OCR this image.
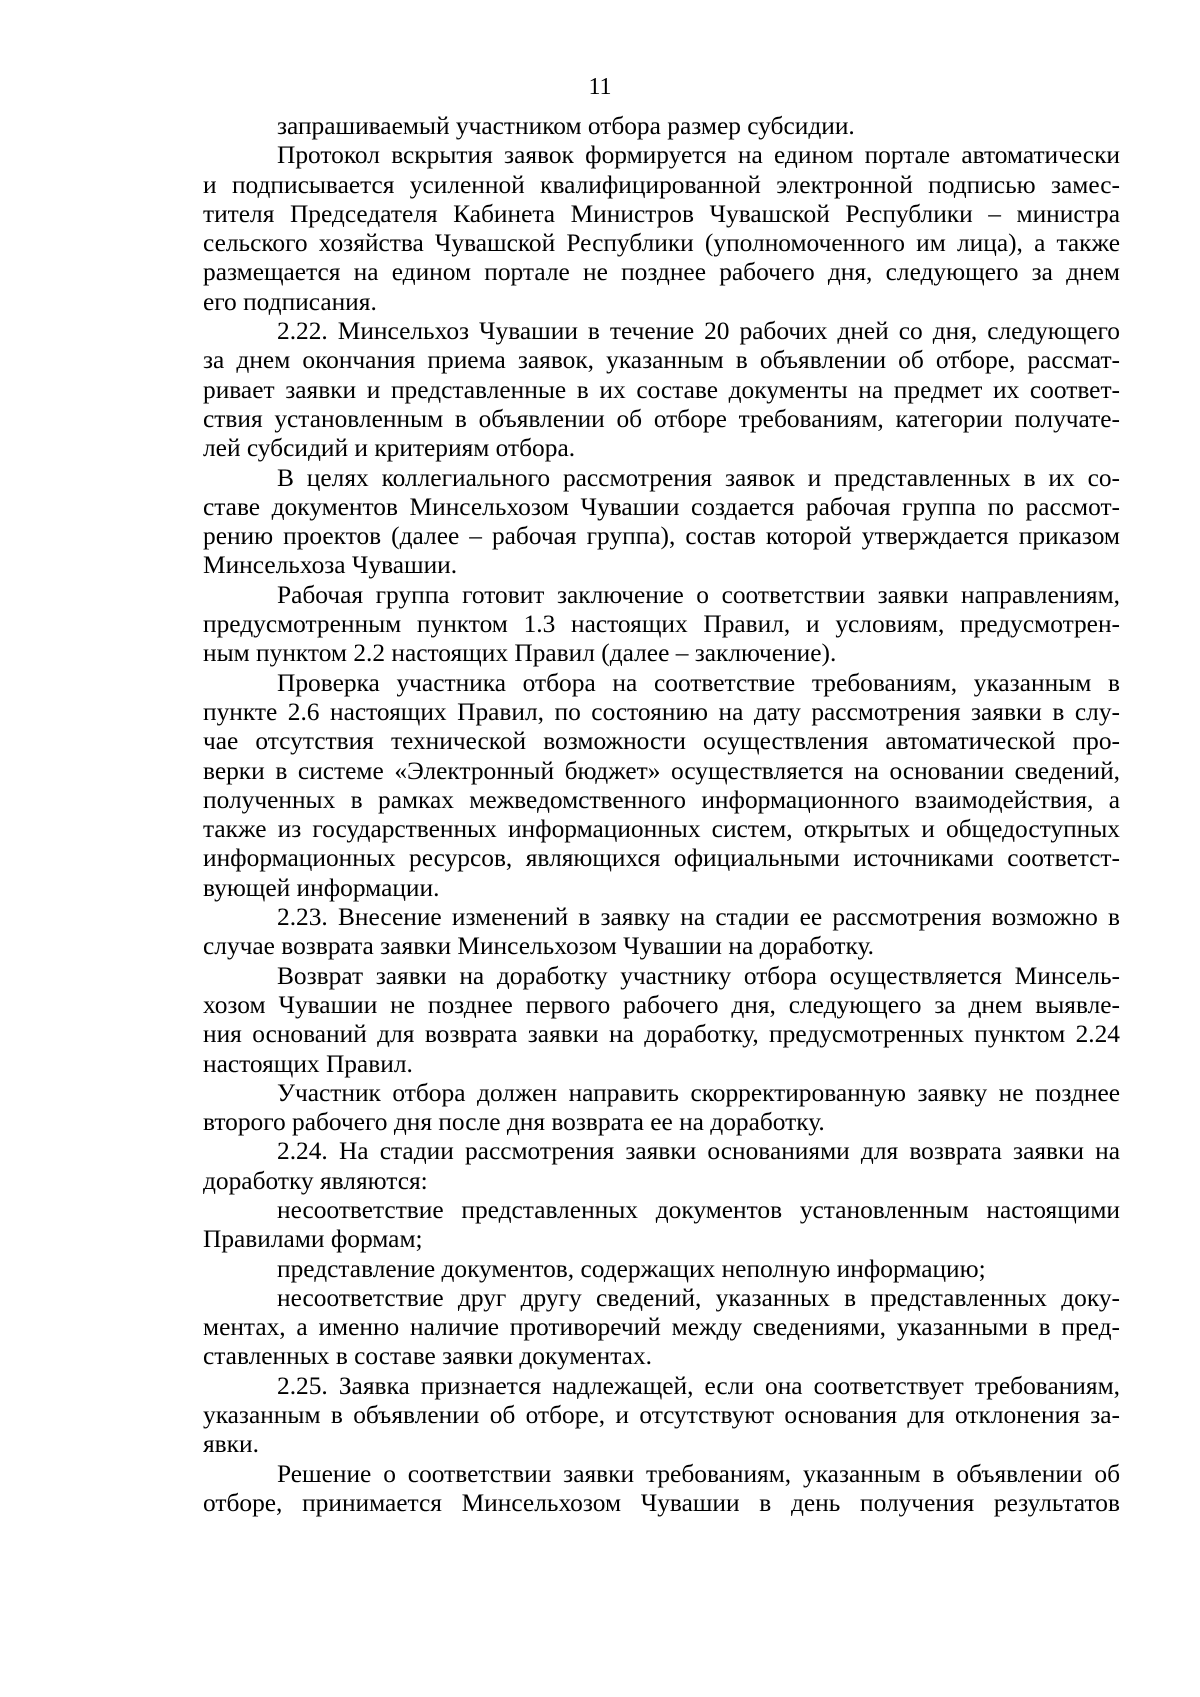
11
запрашиваемый участником отбора размер субсидии.
Протокол вскрытия заявок формируется на едином портале автоматически
и подписывается усиленной квалифицированной электронной подписью замес-
тителя Председателя Кабинета Министров Чувашской Республики – министра
сельского хозяйства Чувашской Республики (уполномоченного им лица), а также
размещается на едином портале не позднее рабочего дня, следующего за днем
его подписания.
2.22. Минсельхоз Чувашии в течение 20 рабочих дней со дня, следующего
за днем окончания приема заявок, указанным в объявлении об отборе, рассмат-
ривает заявки и представленные в их составе документы на предмет их соответ-
ствия установленным в объявлении об отборе требованиям, категории получате-
лей субсидий и критериям отбора.
В целях коллегиального рассмотрения заявок и представленных в их со-
ставе документов Минсельхозом Чувашии создается рабочая группа по рассмот-
рению проектов (далее – рабочая группа), состав которой утверждается приказом
Минсельхоза Чувашии.
Рабочая группа готовит заключение о соответствии заявки направлениям,
предусмотренным пунктом 1.3 настоящих Правил, и условиям, предусмотрен-
ным пунктом 2.2 настоящих Правил (далее – заключение).
Проверка участника отбора на соответствие требованиям, указанным в
пункте 2.6 настоящих Правил, по состоянию на дату рассмотрения заявки в слу-
чае отсутствия технической возможности осуществления автоматической про-
верки в системе «Электронный бюджет» осуществляется на основании сведений,
полученных в рамках межведомственного информационного взаимодействия, а
также из государственных информационных систем, открытых и общедоступных
информационных ресурсов, являющихся официальными источниками соответст-
вующей информации.
2.23. Внесение изменений в заявку на стадии ее рассмотрения возможно в
случае возврата заявки Минсельхозом Чувашии на доработку.
Возврат заявки на доработку участнику отбора осуществляется Минсель-
хозом Чувашии не позднее первого рабочего дня, следующего за днем выявле-
ния оснований для возврата заявки на доработку, предусмотренных пунктом 2.24
настоящих Правил.
Участник отбора должен направить скорректированную заявку не позднее
второго рабочего дня после дня возврата ее на доработку.
2.24. На стадии рассмотрения заявки основаниями для возврата заявки на
доработку являются:
несоответствие представленных документов установленным настоящими
Правилами формам;
представление документов, содержащих неполную информацию;
несоответствие друг другу сведений, указанных в представленных доку-
ментах, а именно наличие противоречий между сведениями, указанными в пред-
ставленных в составе заявки документах.
2.25. Заявка признается надлежащей, если она соответствует требованиям,
указанным в объявлении об отборе, и отсутствуют основания для отклонения за-
явки.
Решение о соответствии заявки требованиям, указанным в объявлении об
отборе, принимается Минсельхозом Чувашии в день получения результатов
